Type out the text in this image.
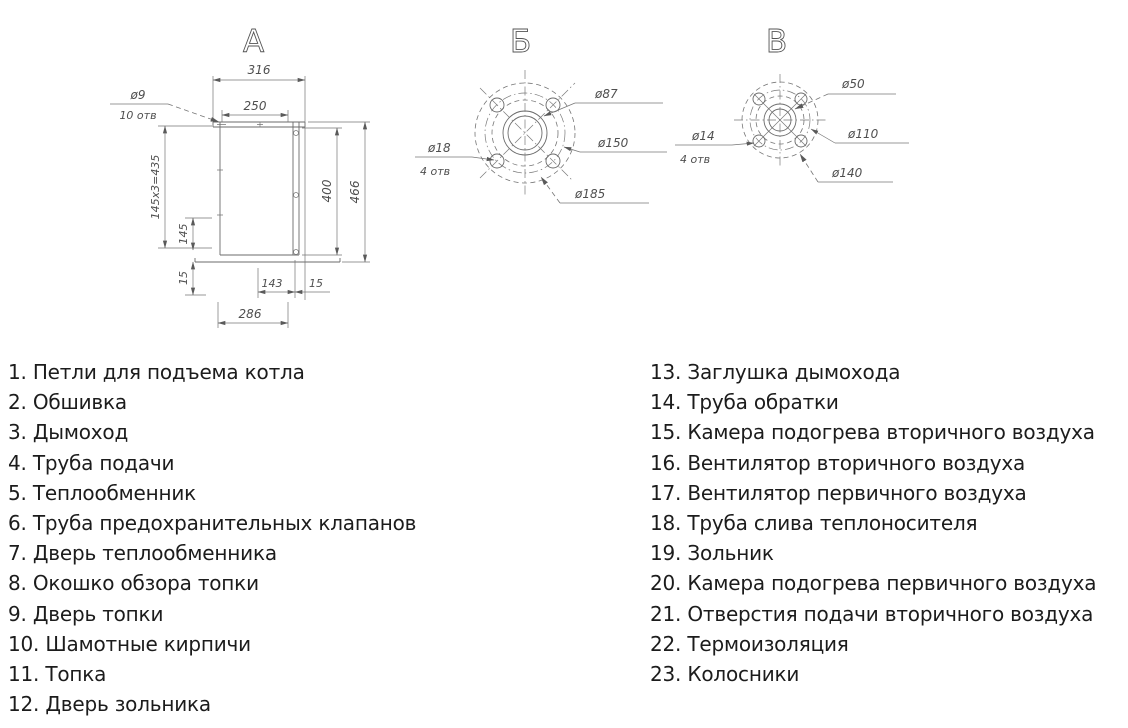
А
316
250
ø9
10 отв
145х3=435
145
15
400 466
143 15
286
Б
ø87
ø150
ø185
ø18
4 отв
В
ø50
ø110
ø140
ø14
4 отв
1. Петли для подъема котла
2. Обшивка
3. Дымоход
4. Труба подачи
5. Теплообменник
6. Труба предохранительных клапанов
7. Дверь теплообменника
8. Окошко обзора топки
9. Дверь топки
10. Шамотные кирпичи
11. Топка
12. Дверь зольника
13. Заглушка дымохода
14. Труба обратки
15. Камера подогрева вторичного воздуха
16. Вентилятор вторичного воздуха
17. Вентилятор первичного воздуха
18. Труба слива теплоносителя
19. Зольник
20. Камера подогрева первичного воздуха
21. Отверстия подачи вторичного воздуха
22. Термоизоляция
23. Колосники
